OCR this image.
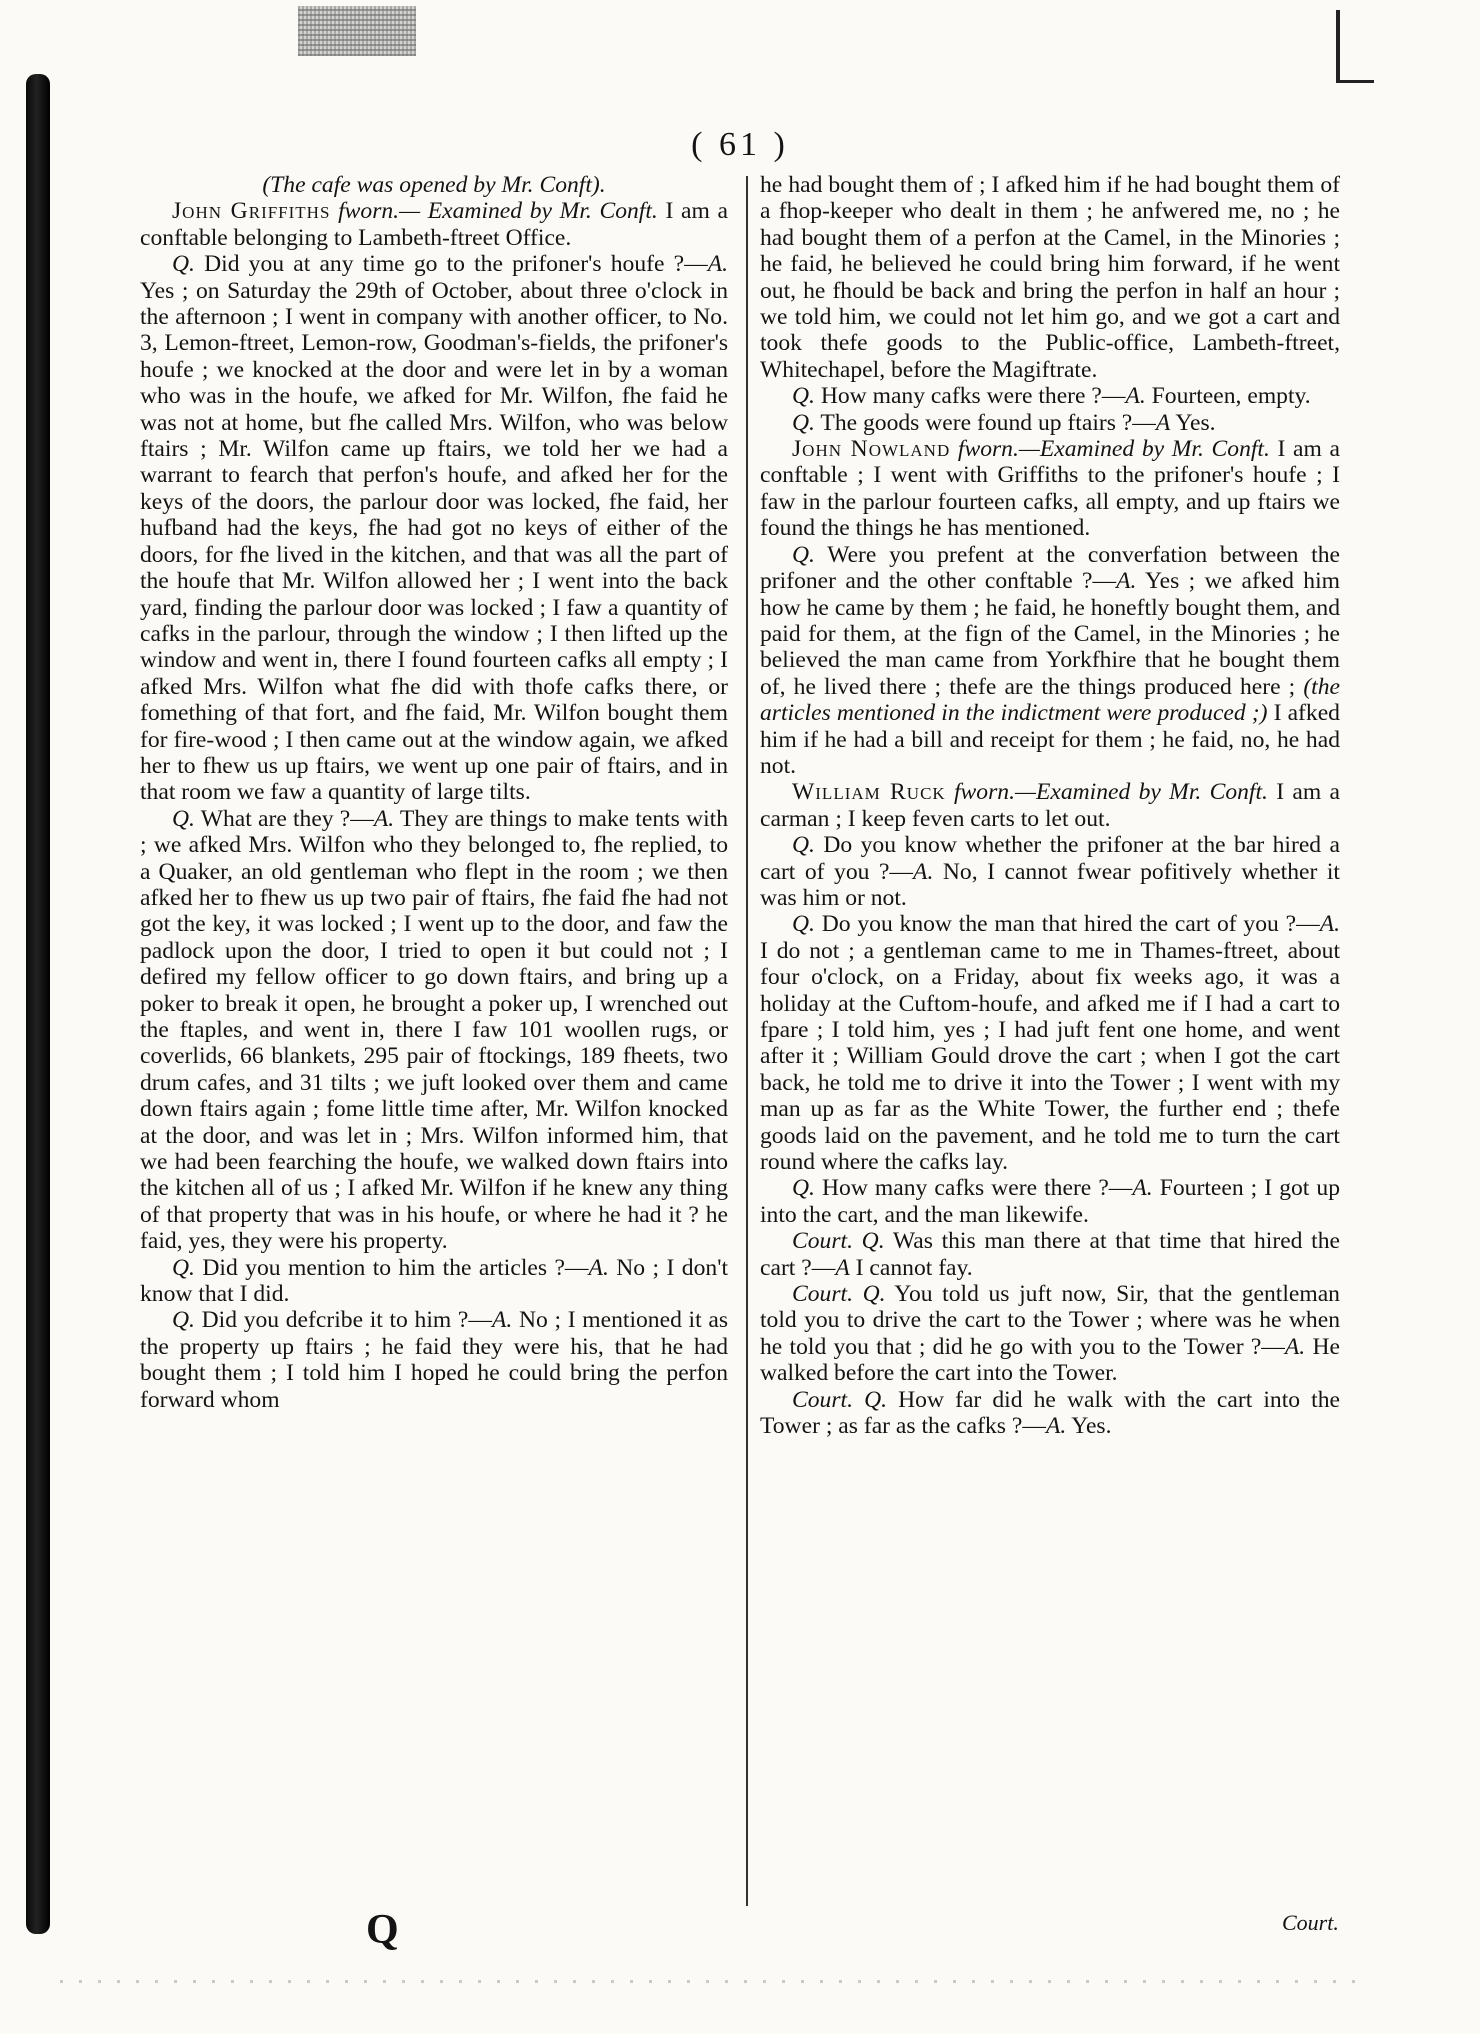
( 61 )

(The cafe was opened by Mr. Conft).

John Griffiths fworn.— Examined by Mr. Conft. I am a conftable belonging to Lambeth-ftreet Office.

Q. Did you at any time go to the prifoner's houfe ?—A. Yes ; on Saturday the 29th of October, about three o'clock in the afternoon ; I went in company with another officer, to No. 3, Lemon-ftreet, Lemon-row, Goodman's-fields, the prifoner's houfe ; we knocked at the door and were let in by a woman who was in the houfe, we afked for Mr. Wilfon, fhe faid he was not at home, but fhe called Mrs. Wilfon, who was below ftairs ; Mr. Wilfon came up ftairs, we told her we had a warrant to fearch that perfon's houfe, and afked her for the keys of the doors, the parlour door was locked, fhe faid, her hufband had the keys, fhe had got no keys of either of the doors, for fhe lived in the kitchen, and that was all the part of the houfe that Mr. Wilfon allowed her ; I went into the back yard, finding the parlour door was locked ; I faw a quantity of cafks in the parlour, through the window ; I then lifted up the window and went in, there I found fourteen cafks all empty ; I afked Mrs. Wilfon what fhe did with thofe cafks there, or fomething of that fort, and fhe faid, Mr. Wilfon bought them for fire-wood ; I then came out at the window again, we afked her to fhew us up ftairs, we went up one pair of ftairs, and in that room we faw a quantity of large tilts.

Q. What are they ?—A. They are things to make tents with ; we afked Mrs. Wilfon who they belonged to, fhe replied, to a Quaker, an old gentleman who flept in the room ; we then afked her to fhew us up two pair of ftairs, fhe faid fhe had not got the key, it was locked ; I went up to the door, and faw the padlock upon the door, I tried to open it but could not ; I defired my fellow officer to go down ftairs, and bring up a poker to break it open, he brought a poker up, I wrenched out the ftaples, and went in, there I faw 101 woollen rugs, or coverlids, 66 blankets, 295 pair of ftockings, 189 fheets, two drum cafes, and 31 tilts ; we juft looked over them and came down ftairs again ; fome little time after, Mr. Wilfon knocked at the door, and was let in ; Mrs. Wilfon informed him, that we had been fearching the houfe, we walked down ftairs into the kitchen all of us ; I afked Mr. Wilfon if he knew any thing of that property that was in his houfe, or where he had it ? he faid, yes, they were his property.

Q. Did you mention to him the articles ?—A. No ; I don't know that I did.

Q. Did you defcribe it to him ?—A. No ; I mentioned it as the property up ftairs ; he faid they were his, that he had bought them ; I told him I hoped he could bring the perfon forward whom

he had bought them of ; I afked him if he had bought them of a fhop-keeper who dealt in them ; he anfwered me, no ; he had bought them of a perfon at the Camel, in the Minories ; he faid, he believed he could bring him forward, if he went out, he fhould be back and bring the perfon in half an hour ; we told him, we could not let him go, and we got a cart and took thefe goods to the Public-office, Lambeth-ftreet, Whitechapel, before the Magiftrate.

Q. How many cafks were there ?—A. Fourteen, empty.

Q. The goods were found up ftairs ?—A Yes.

John Nowland fworn.—Examined by Mr. Conft. I am a conftable ; I went with Griffiths to the prifoner's houfe ; I faw in the parlour fourteen cafks, all empty, and up ftairs we found the things he has mentioned.

Q. Were you prefent at the converfation between the prifoner and the other conftable ?—A. Yes ; we afked him how he came by them ; he faid, he honeftly bought them, and paid for them, at the fign of the Camel, in the Minories ; he believed the man came from Yorkfhire that he bought them of, he lived there ; thefe are the things produced here ; (the articles mentioned in the indictment were produced ;) I afked him if he had a bill and receipt for them ; he faid, no, he had not.

William Ruck fworn.—Examined by Mr. Conft. I am a carman ; I keep feven carts to let out.

Q. Do you know whether the prifoner at the bar hired a cart of you ?—A. No, I cannot fwear pofitively whether it was him or not.

Q. Do you know the man that hired the cart of you ?—A. I do not ; a gentleman came to me in Thames-ftreet, about four o'clock, on a Friday, about fix weeks ago, it was a holiday at the Cuftom-houfe, and afked me if I had a cart to fpare ; I told him, yes ; I had juft fent one home, and went after it ; William Gould drove the cart ; when I got the cart back, he told me to drive it into the Tower ; I went with my man up as far as the White Tower, the further end ; thefe goods laid on the pavement, and he told me to turn the cart round where the cafks lay.

Q. How many cafks were there ?—A. Fourteen ; I got up into the cart, and the man likewife.

Court. Q. Was this man there at that time that hired the cart ?—A I cannot fay.

Court. Q. You told us juft now, Sir, that the gentleman told you to drive the cart to the Tower ; where was he when he told you that ; did he go with you to the Tower ?—A. He walked before the cart into the Tower.

Court. Q. How far did he walk with the cart into the Tower ; as far as the cafks ?—A. Yes.

Q	Court.
